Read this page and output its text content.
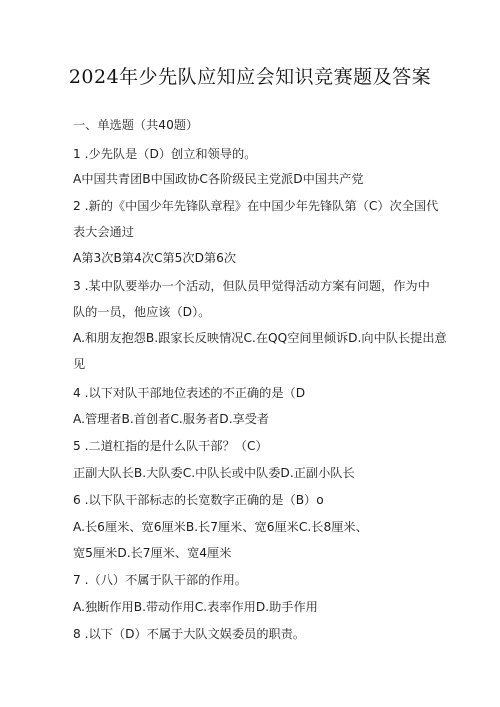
2024年少先队应知应会知识竞赛题及答案
一、单选题（共40题）
1 .少先队是（D）创立和领导的。
A中国共青团B中国政协C各阶级民主党派D中国共产党
2 .新的《中国少年先锋队章程》在中国少年先锋队第（C）次全国代
表大会通过
A第3次B第4次C第5次D第6次
3 .某中队要举办一个活动，但队员甲觉得活动方案有问题，作为中
队的一员，他应该（D）。
A.和朋友抱怨B.跟家长反映情况C.在QQ空间里倾诉D.向中队长提出意
见
4 .以下对队干部地位表述的不正确的是（D
A.管理者B.首创者C.服务者D.享受者
5 .二道杠指的是什么队干部？（C）
正副大队长B.大队委C.中队长或中队委D.正副小队长
6 .以下队干部标志的长宽数字正确的是（B）o
A.长6厘米、宽6厘米B.长7厘米、宽6厘米C.长8厘米、
宽5厘米D.长7厘米、宽4厘米
7 .（八）不属于队干部的作用。
A.独断作用B.带动作用C.表率作用D.助手作用
8 .以下（D）不属于大队文娱委员的职责。
